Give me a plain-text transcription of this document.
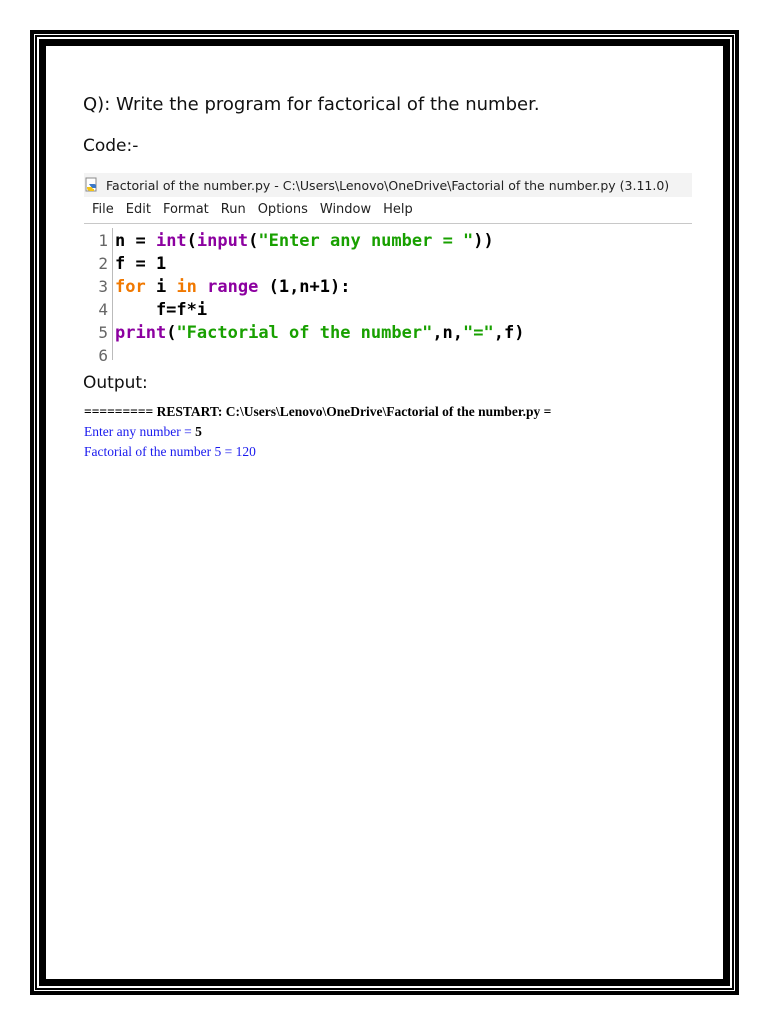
Q): Write the program for factorical of the number.
Code:-
Factorial of the number.py - C:\Users\Lenovo\OneDrive\Factorial of the number.py (3.11.0)
File Edit Format Run Options Window Help
1 n = int ( input ( "Enter any number = " ))
2 f = 1
3 for i in
range (1,n+1):
4 f=f*i
5 print ( "Factorial of the number" ,n, "=" ,f)
6
Output:
========= RESTART: C:\Users\Lenovo\OneDrive\Factorial of the number.py =
Enter any number = 5
Factorial of the number 5 = 120
